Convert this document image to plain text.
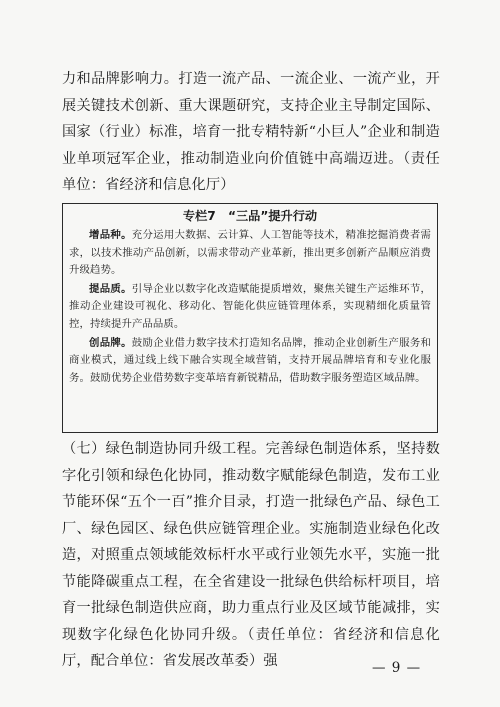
力和品牌影响力。打造一流产品、一流企业、一流产业，开展关键技术创新、重大课题研究，支持企业主导制定国际、国家（行业）标准，培育一批专精特新“小巨人”企业和制造业单项冠军企业，推动制造业向价值链中高端迈进。（责任单位：省经济和信息化厅）

专栏7　“三品”提升行动

增品种。充分运用大数据、云计算、人工智能等技术，精准挖掘消费者需求，以技术推动产品创新，以需求带动产业革新，推出更多创新产品顺应消费升级趋势。

提品质。引导企业以数字化改造赋能提质增效，聚焦关键生产运维环节，推动企业建设可视化、移动化、智能化供应链管理体系，实现精细化质量管控，持续提升产品品质。

创品牌。鼓励企业借力数字技术打造知名品牌，推动企业创新生产服务和商业模式，通过线上线下融合实现全域营销，支持开展品牌培育和专业化服务。鼓励优势企业借势数字变革培育新锐精品，借助数字服务塑造区域品牌。

（七）绿色制造协同升级工程。完善绿色制造体系，坚持数字化引领和绿色化协同，推动数字赋能绿色制造，发布工业节能环保“五个一百”推介目录，打造一批绿色产品、绿色工厂、绿色园区、绿色供应链管理企业。实施制造业绿色化改造，对照重点领域能效标杆水平或行业领先水平，实施一批节能降碳重点工程，在全省建设一批绿色供给标杆项目，培育一批绿色制造供应商，助力重点行业及区域节能减排，实现数字化绿色化协同升级。（责任单位：省经济和信息化厅，配合单位：省发展改革委）强	— 9 —
